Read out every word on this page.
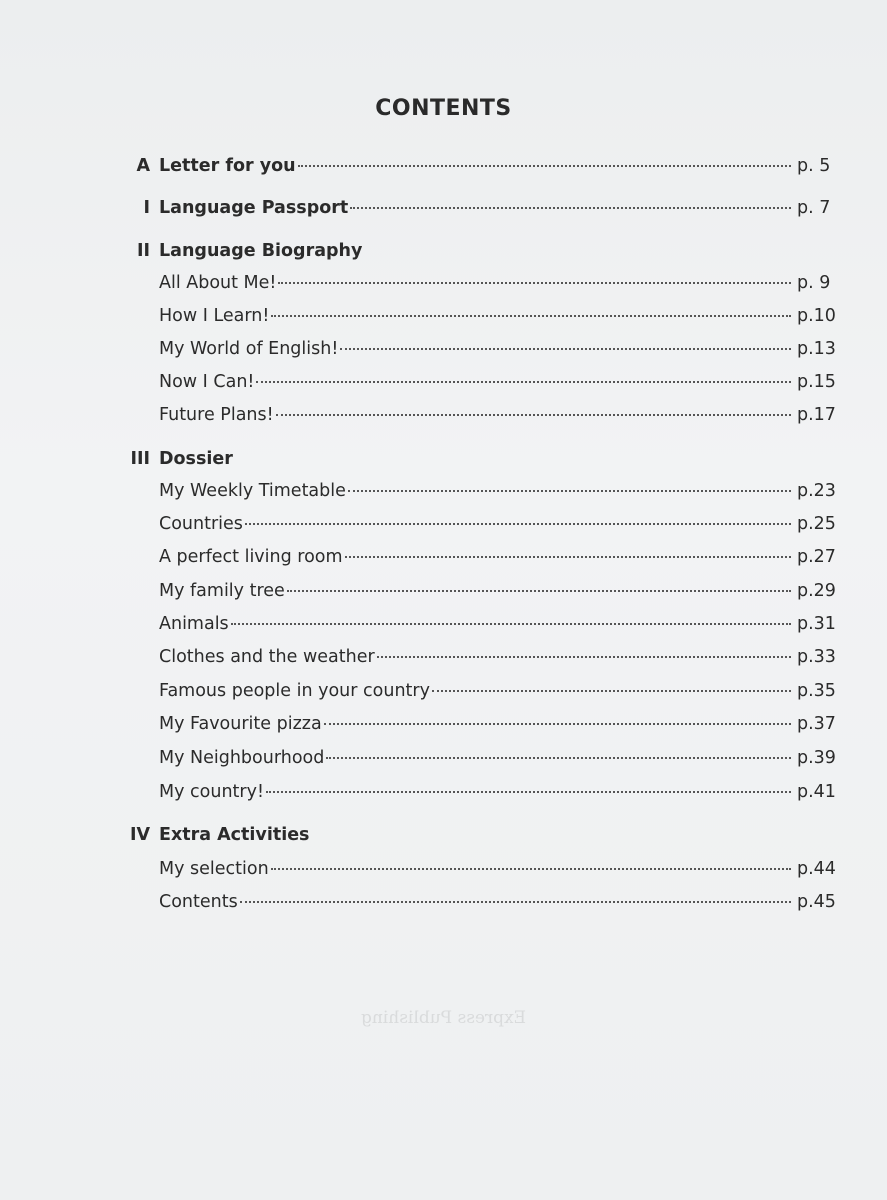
CONTENTS
A Letter for you	p. 5
I Language Passport	p. 7
II Language Biography
All About Me!	p. 9
How I Learn!	p.10
My World of English!	p.13
Now I Can!	p.15
Future Plans!	p.17
III Dossier
My Weekly Timetable	p.23
Countries	p.25
A perfect living room	p.27
My family tree	p.29
Animals	p.31
Clothes and the weather	p.33
Famous people in your country	p.35
My Favourite pizza	p.37
My Neighbourhood	p.39
My country!	p.41
IV Extra Activities
My selection	p.44
Contents	p.45
Express Publishing
